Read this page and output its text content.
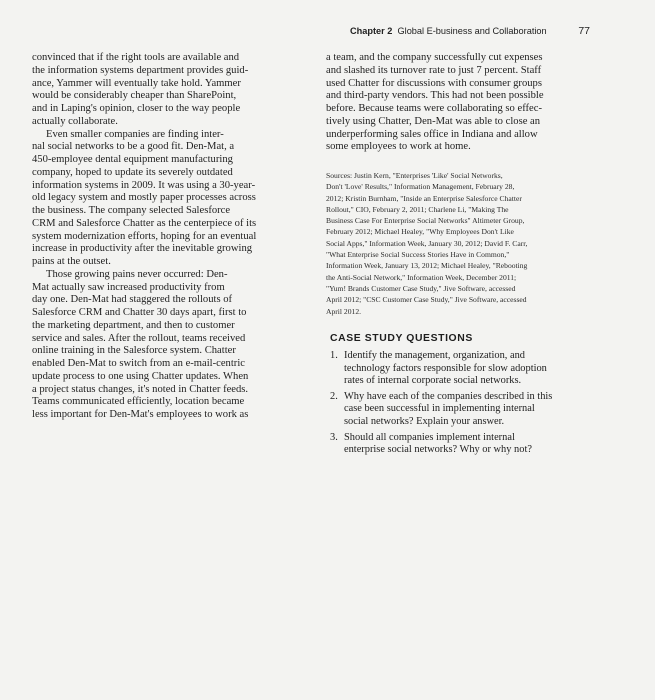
Chapter 2 Global E-business and Collaboration	77
convinced that if the right tools are available and
the information systems department provides guid-
ance, Yammer will eventually take hold. Yammer
would be considerably cheaper than SharePoint,
and in Laping's opinion, closer to the way people
actually collaborate.
Even smaller companies are finding inter-
nal social networks to be a good fit. Den-Mat, a
450-employee dental equipment manufacturing
company, hoped to update its severely outdated
information systems in 2009. It was using a 30-year-
old legacy system and mostly paper processes across
the business. The company selected Salesforce
CRM and Salesforce Chatter as the centerpiece of its
system modernization efforts, hoping for an eventual
increase in productivity after the inevitable growing
pains at the outset.
Those growing pains never occurred: Den-
Mat actually saw increased productivity from
day one. Den-Mat had staggered the rollouts of
Salesforce CRM and Chatter 30 days apart, first to
the marketing department, and then to customer
service and sales. After the rollout, teams received
online training in the Salesforce system. Chatter
enabled Den-Mat to switch from an e-mail-centric
update process to one using Chatter updates. When
a project status changes, it's noted in Chatter feeds.
Teams communicated efficiently, location became
less important for Den-Mat's employees to work as
a team, and the company successfully cut expenses
and slashed its turnover rate to just 7 percent. Staff
used Chatter for discussions with consumer groups
and third-party vendors. This had not been possible
before. Because teams were collaborating so effec-
tively using Chatter, Den-Mat was able to close an
underperforming sales office in Indiana and allow
some employees to work at home.
Sources: Justin Kern, "Enterprises 'Like' Social Networks,
Don't 'Love' Results," Information Management, February 28,
2012; Kristin Burnham, "Inside an Enterprise Salesforce Chatter
Rollout," CIO, February 2, 2011; Charlene Li, "Making The
Business Case For Enterprise Social Networks" Altimeter Group,
February 2012; Michael Healey, "Why Employees Don't Like
Social Apps," Information Week, January 30, 2012; David F. Carr,
"What Enterprise Social Success Stories Have in Common,"
Information Week, January 13, 2012; Michael Healey, "Rebooting
the Anti-Social Network," Information Week, December 2011;
"Yum! Brands Customer Case Study," Jive Software, accessed
April 2012; "CSC Customer Case Study," Jive Software, accessed
April 2012.
CASE STUDY QUESTIONS
1. Identify the management, organization, and
technology factors responsible for slow adoption
rates of internal corporate social networks.
2. Why have each of the companies described in this
case been successful in implementing internal
social networks? Explain your answer.
3. Should all companies implement internal
enterprise social networks? Why or why not?
